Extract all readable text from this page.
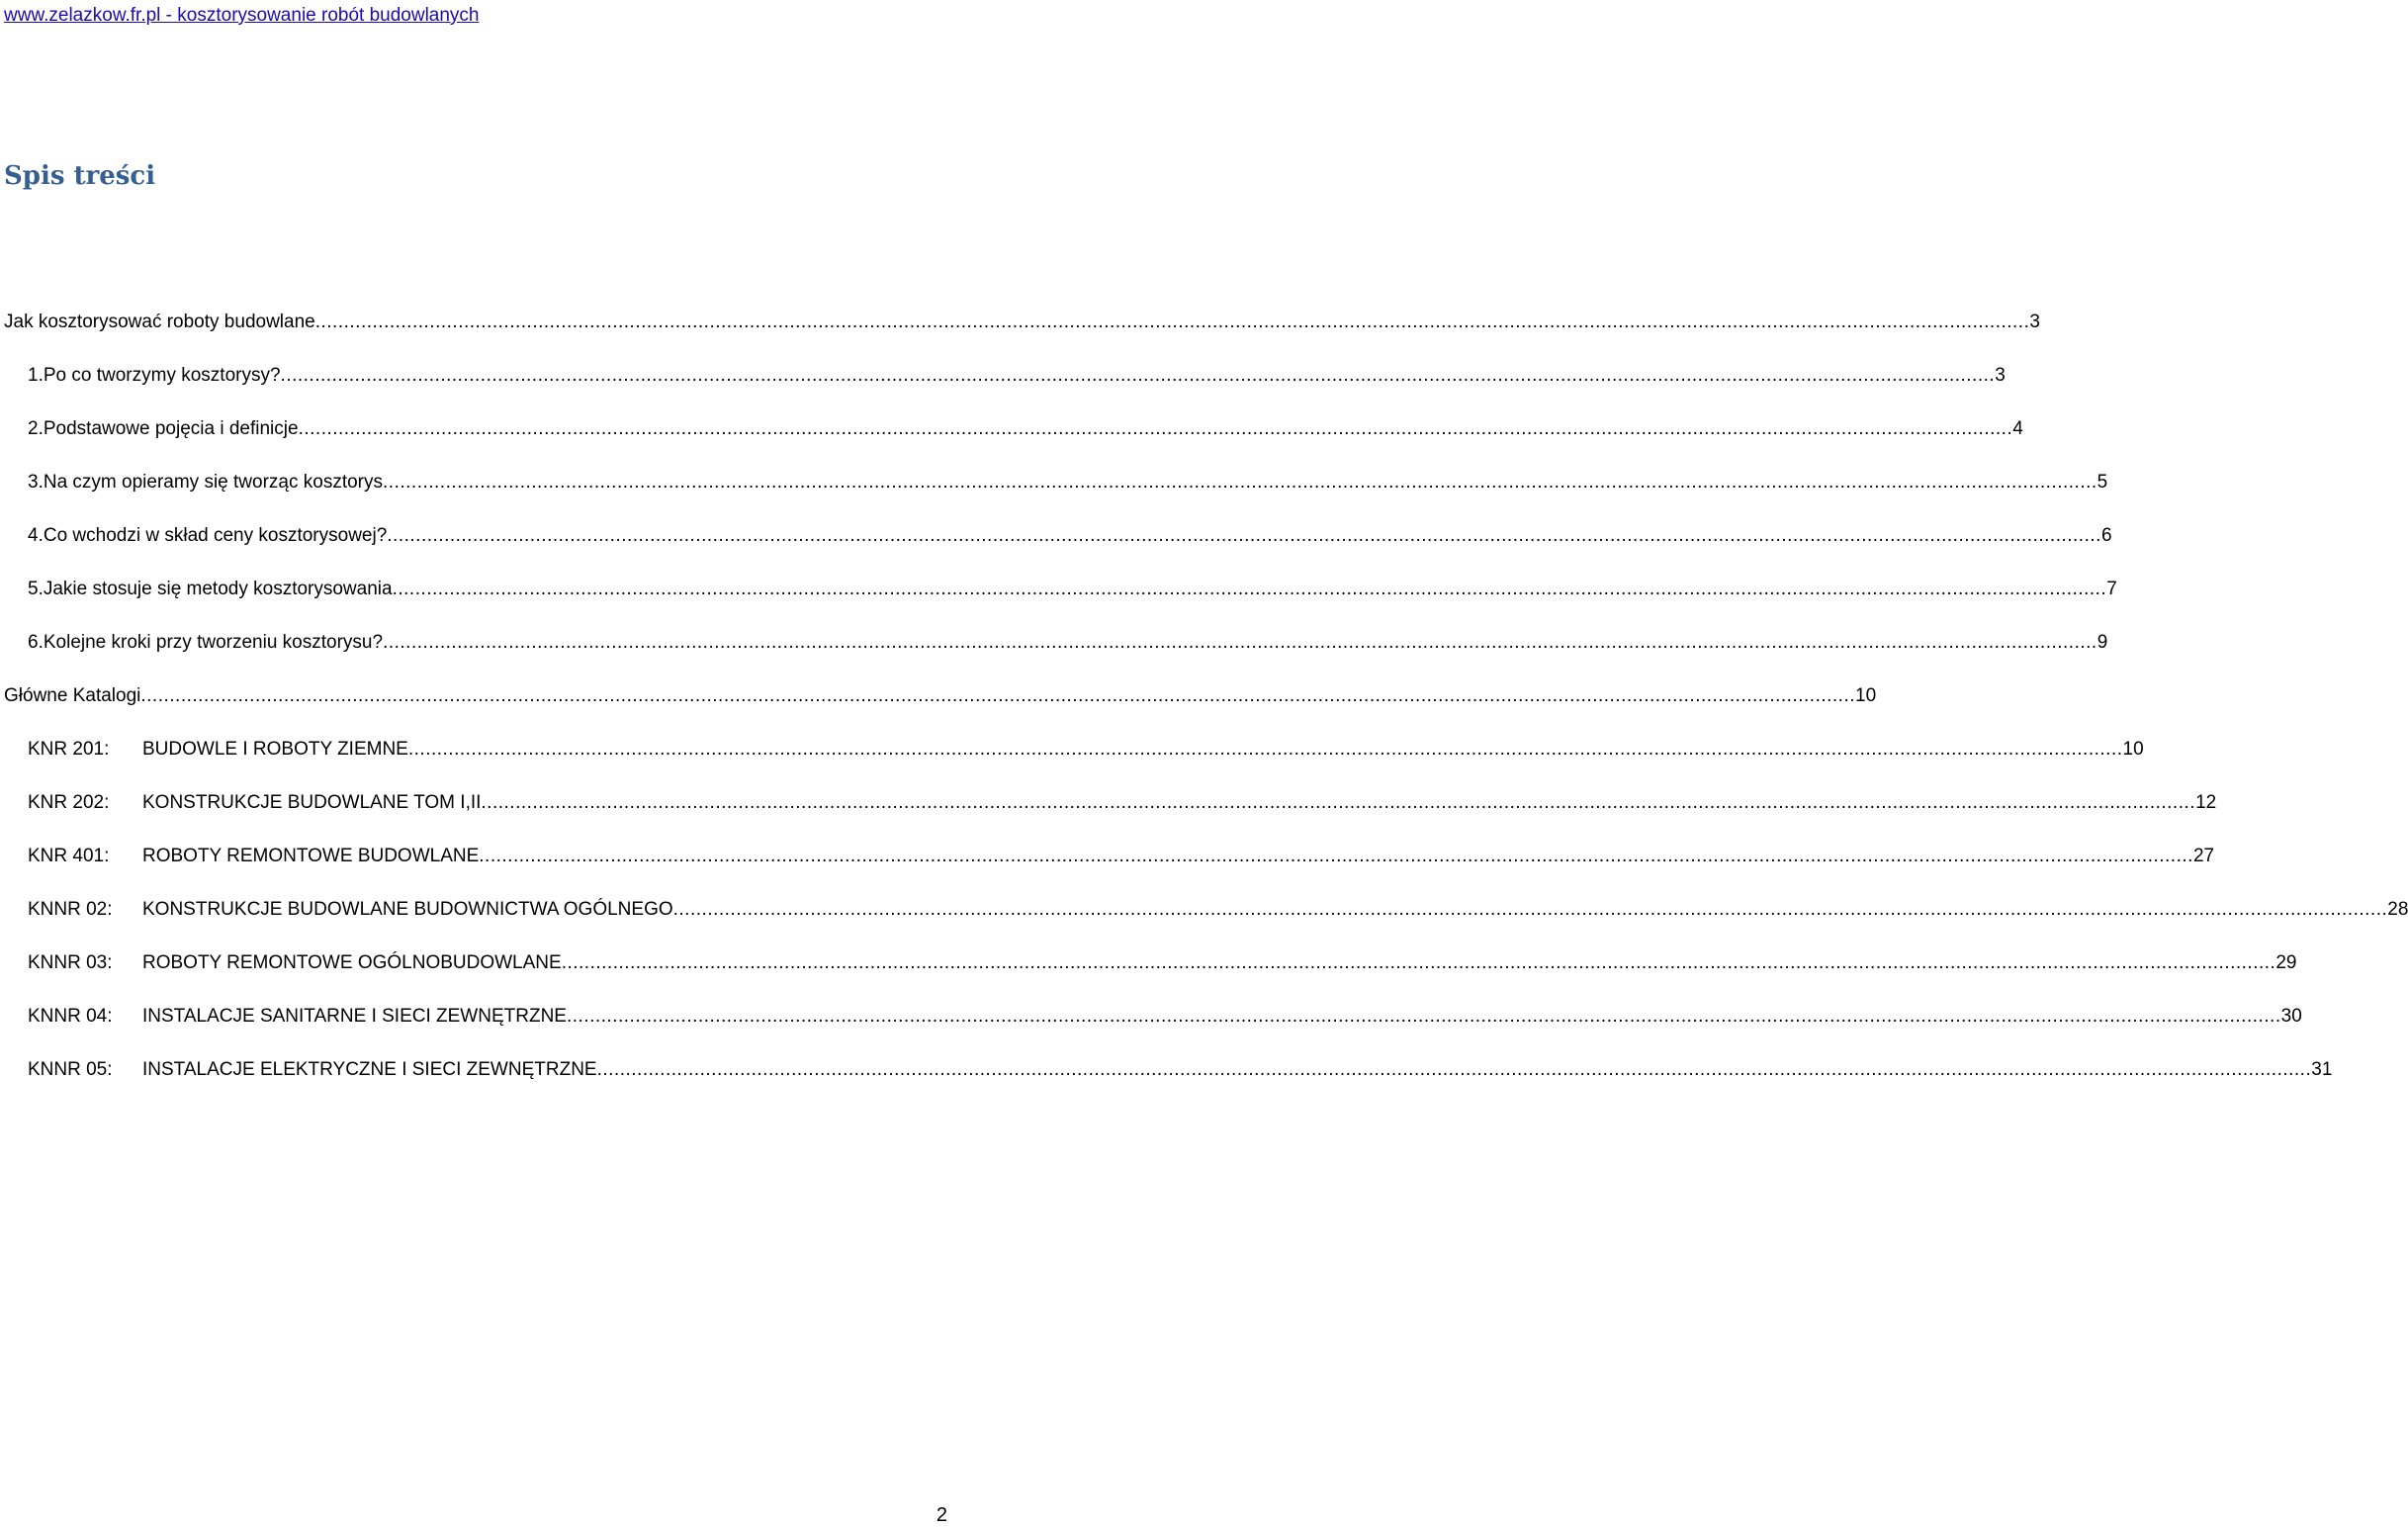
www.zelazkow.fr.pl - kosztorysowanie robót budowlanych
Spis treści
Jak kosztorysować roboty budowlane ............................................................................................................................................................................................................................................................................................................ 3
1. Po co tworzymy kosztorysy? ............................................................................................................................................................................................................................................................................................................ 3
2. Podstawowe pojęcia i definicje ............................................................................................................................................................................................................................................................................................................ 4
3. Na czym opieramy się tworząc kosztorys ............................................................................................................................................................................................................................................................................................................ 5
4. Co wchodzi w skład ceny kosztorysowej? ............................................................................................................................................................................................................................................................................................................ 6
5. Jakie stosuje się metody kosztorysowania ............................................................................................................................................................................................................................................................................................................ 7
6. Kolejne kroki przy tworzeniu kosztorysu? ............................................................................................................................................................................................................................................................................................................ 9
Główne Katalogi ............................................................................................................................................................................................................................................................................................................ 10
KNR 201:	BUDOWLE I ROBOTY ZIEMNE ............................................................................................................................................................................................................................................................................................................ 10
KNR 202:	KONSTRUKCJE BUDOWLANE TOM I,II ............................................................................................................................................................................................................................................................................................................ 12
KNR 401:	ROBOTY REMONTOWE BUDOWLANE ............................................................................................................................................................................................................................................................................................................ 27
KNNR 02:	KONSTRUKCJE BUDOWLANE BUDOWNICTWA OGÓLNEGO ............................................................................................................................................................................................................................................................................................................ 28
KNNR 03:	ROBOTY REMONTOWE OGÓLNOBUDOWLANE ............................................................................................................................................................................................................................................................................................................ 29
KNNR 04:	INSTALACJE SANITARNE I SIECI ZEWNĘTRZNE ............................................................................................................................................................................................................................................................................................................ 30
KNNR 05:	INSTALACJE ELEKTRYCZNE I SIECI ZEWNĘTRZNE ............................................................................................................................................................................................................................................................................................................ 31
2
